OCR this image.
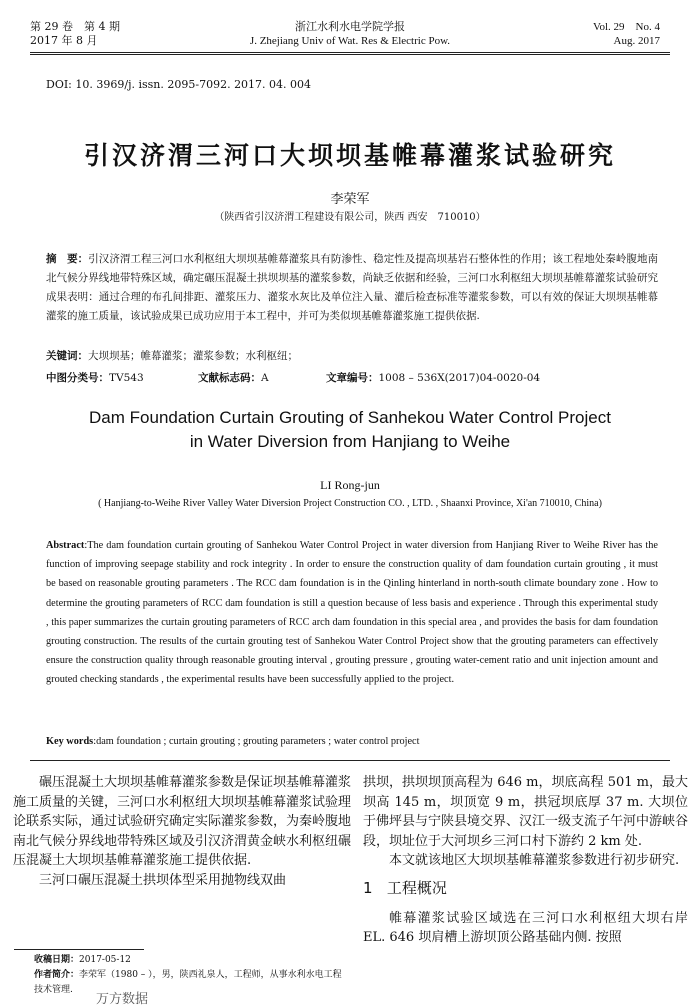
第 29 卷　第 4 期
2017 年 8 月
浙江水利水电学院学报
J. Zhejiang Univ of Wat. Res & Electric Pow.
Vol. 29　No. 4
Aug. 2017
DOI: 10. 3969/j. issn. 2095-7092. 2017. 04. 004
引汉济渭三河口大坝坝基帷幕灌浆试验研究
李荣军
（陕西省引汉济渭工程建设有限公司，陕西 西安　710010）
摘　要：引汉济渭工程三河口水利枢纽大坝坝基帷幕灌浆具有防渗性、稳定性及提高坝基岩石整体性的作用；该工程地处秦岭腹地南北气候分界线地带特殊区域，确定碾压混凝土拱坝坝基的灌浆参数，尚缺乏依据和经验，三河口水利枢纽大坝坝基帷幕灌浆试验研究成果表明：通过合理的布孔间排距、灌浆压力、灌浆水灰比及单位注入量、灌后检查标准等灌浆参数，可以有效的保证大坝坝基帷幕灌浆的施工质量，该试验成果已成功应用于本工程中，并可为类似坝基帷幕灌浆施工提供依据.
关键词：大坝坝基；帷幕灌浆；灌浆参数；水利枢纽；
中图分类号：TV543	文献标志码：A	文章编号：1008 – 536X(2017)04-0020-04
Dam Foundation Curtain Grouting of Sanhekou Water Control Project
in Water Diversion from Hanjiang to Weihe
LI Rong-jun
( Hanjiang-to-Weihe River Valley Water Diversion Project Construction CO. , LTD. , Shaanxi Province, Xi'an 710010, China)
Abstract:The dam foundation curtain grouting of Sanhekou Water Control Project in water diversion from Hanjiang River to Weihe River has the function of improving seepage stability and rock integrity . In order to ensure the construction quality of dam foundation curtain grouting , it must be based on reasonable grouting parameters . The RCC dam foundation is in the Qinling hinterland in north-south climate boundary zone . How to determine the grouting parameters of RCC dam foundation is still a question because of less basis and experience . Through this experimental study , this paper summarizes the curtain grouting parameters of RCC arch dam foundation in this special area , and provides the basis for dam foundation grouting construction. The results of the curtain grouting test of Sanhekou Water Control Project show that the grouting parameters can effectively ensure the construction quality through reasonable grouting interval , grouting pressure , grouting water-cement ratio and unit injection amount and grouted checking standards , the experimental results have been successfully applied to the project.
Key words:dam foundation ; curtain grouting ; grouting parameters ; water control project

碾压混凝土大坝坝基帷幕灌浆参数是保证坝基帷幕灌浆施工质量的关键，三河口水利枢纽大坝坝基帷幕灌浆试验理论联系实际，通过试验研究确定实际灌浆参数，为秦岭腹地南北气候分界线地带特殊区域及引汉济渭黄金峡水利枢纽碾压混凝土大坝坝基帷幕灌浆施工提供依据.

三河口碾压混凝土拱坝体型采用抛物线双曲

拱坝，拱坝坝顶高程为 646 m，坝底高程 501 m，最大坝高 145 m，坝顶宽 9 m，拱冠坝底厚 37 m. 大坝位于佛坪县与宁陕县境交界、汉江一级支流子午河中游峡谷段，坝址位于大河坝乡三河口村下游约 2 km 处.

本文就该地区大坝坝基帷幕灌浆参数进行初步研究.

1 工程概况

帷幕灌浆试验区域选在三河口水利枢纽大坝右岸 EL. 646 坝肩槽上游坝顶公路基础内侧. 按照

收稿日期：2017-05-12
作者简介：李荣军（1980 – ），男，陕西礼泉人，工程师，从事水利水电工程技术管理.
万方数据
